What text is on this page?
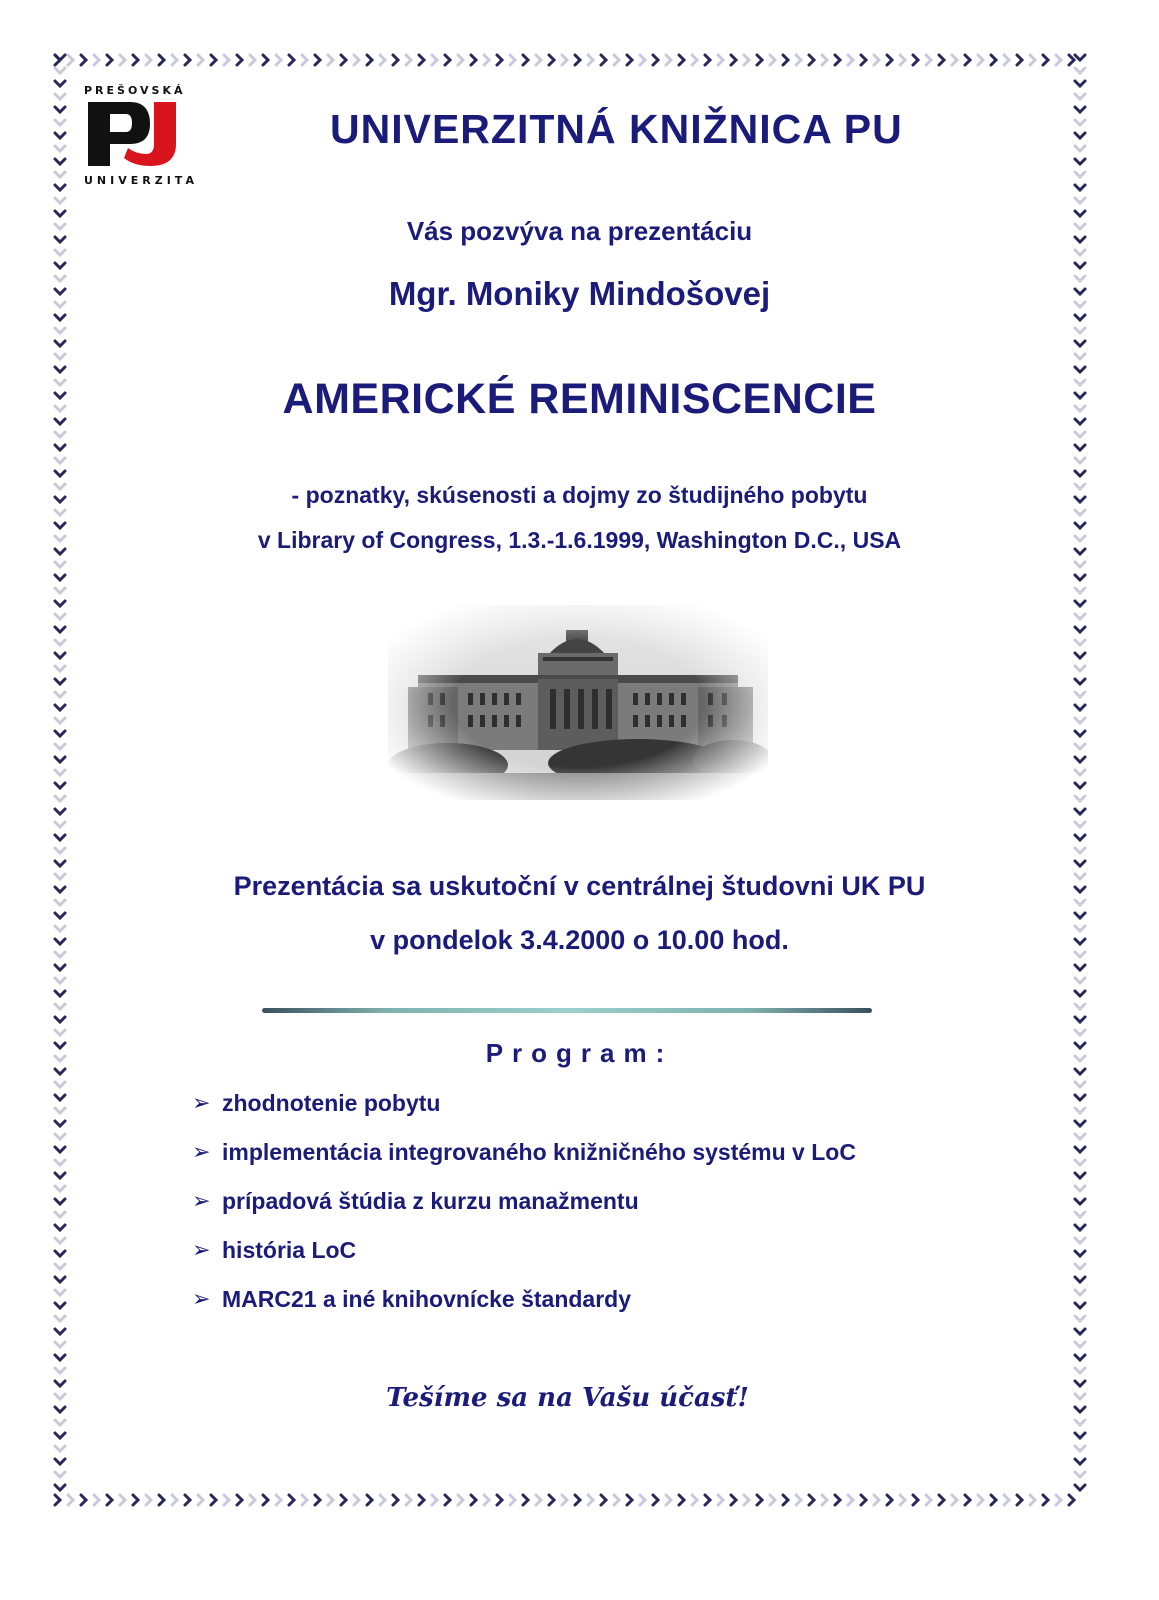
PREŠOVSKÁ
UNIVERZITA
UNIVERZITNÁ KNIŽNICA PU
Vás pozvýva na prezentáciu
Mgr. Moniky Mindošovej
AMERICKÉ REMINISCENCIE
- poznatky, skúsenosti a dojmy zo študijného pobytu
v Library of Congress, 1.3.-1.6.1999, Washington D.C., USA
Prezentácia sa uskutoční v centrálnej študovni UK PU
v pondelok 3.4.2000 o 10.00 hod.
Program:
➢ zhodnotenie pobytu
➢ implementácia integrovaného knižničného systému v LoC
➢ prípadová štúdia z kurzu manažmentu
➢ história LoC
➢ MARC21 a iné knihovnícke štandardy
Tešíme sa na Vašu účasť!
